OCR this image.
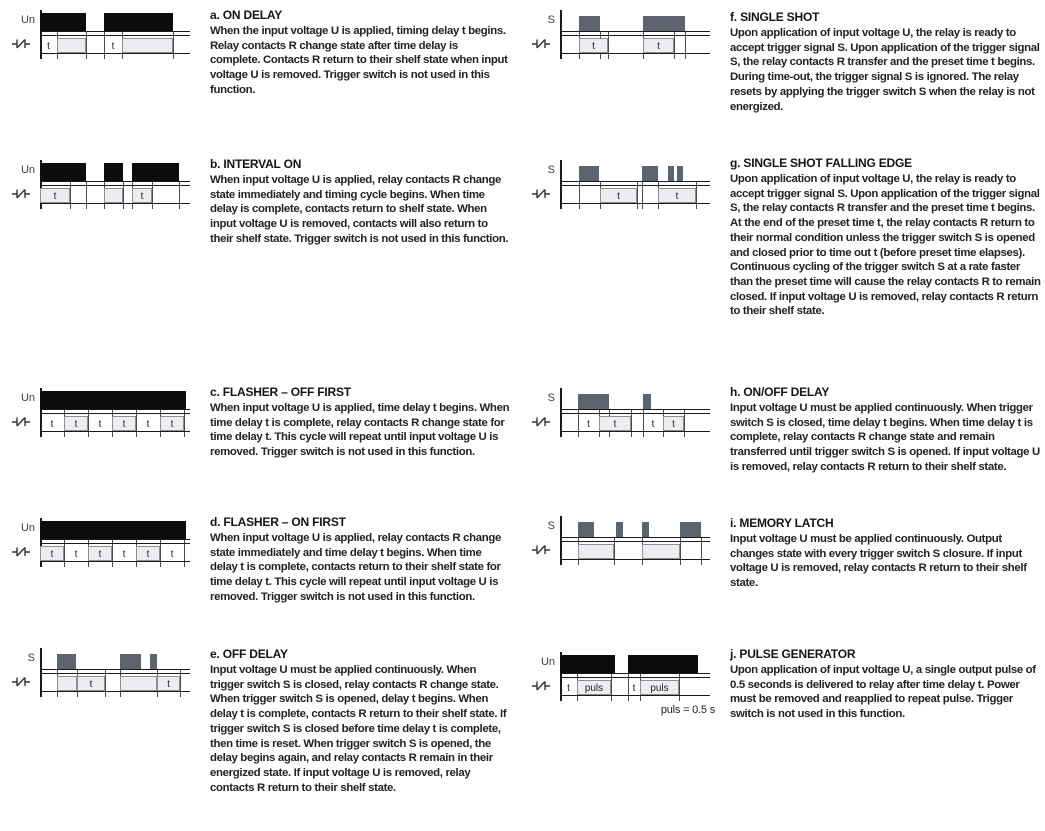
Un
t	t
a. ON DELAY
When the input voltage U is applied, timing delay t begins. Relay contacts R change state after time delay is complete. Contacts R return to their shelf state when input voltage U is removed. Trigger switch is not used in this function.
Un
t	t
b. INTERVAL ON
When input voltage U is applied, relay contacts R change state immediately and timing cycle begins. When time delay is complete, contacts return to shelf state. When input voltage U is removed, contacts will also return to their shelf state. Trigger switch is not used in this function.
Un
t	t	t	t	t	t
c. FLASHER – OFF FIRST
When input voltage U is applied, time delay t begins. When time delay t is complete, relay contacts R change state for time delay t. This cycle will repeat until input voltage U is removed. Trigger switch is not used in this function.
Un
t	t	t	t	t	t
d. FLASHER – ON FIRST
When input voltage U is applied, relay contacts R change state immediately and time delay t begins. When time delay t is complete, contacts return to their shelf state for time delay t. This cycle will repeat until input voltage U is removed. Trigger switch is not used in this function.
S
t	t
e. OFF DELAY
Input voltage U must be applied continuously. When trigger switch S is closed, relay contacts R change state. When trigger switch S is opened, delay t begins. When delay t is complete, contacts R return to their shelf state. If trigger switch S is closed before time delay t is complete, then time is reset. When trigger switch S is opened, the delay begins again, and relay contacts R remain in their energized state. If input voltage U is removed, relay contacts R return to their shelf state.
S
t	t
f. SINGLE SHOT
Upon application of input voltage U, the relay is ready to accept trigger signal S. Upon application of the trigger signal S, the relay contacts R transfer and the preset time t begins. During time-out, the trigger signal S is ignored. The relay resets by applying the trigger switch S when the relay is not energized.
S
t	t
g. SINGLE SHOT FALLING EDGE
Upon application of input voltage U, the relay is ready to accept trigger signal S. Upon application of the trigger signal S, the relay contacts R transfer and the preset time t begins. At the end of the preset time t, the relay contacts R return to their normal condition unless the trigger switch S is opened and closed prior to time out t (before preset time elapses). Continuous cycling of the trigger switch S at a rate faster than the preset time will cause the relay contacts R to remain closed. If input voltage U is removed, relay contacts R return to their shelf state.
S
t	t	t	t
h. ON/OFF DELAY
Input voltage U must be applied continuously. When trigger switch S is closed, time delay t begins. When time delay t is complete, relay contacts R change state and remain transferred until trigger switch S is opened. If input voltage U is removed, relay contacts R return to their shelf state.
S	i. MEMORY LATCH
Input voltage U must be applied continuously. Output changes state with every trigger switch S closure. If input voltage U is removed, relay contacts R return to their shelf state.
Un
t	puls	t	puls
puls = 0.5 s
j. PULSE GENERATOR
Upon application of input voltage U, a single output pulse of 0.5 seconds is delivered to relay after time delay t. Power must be removed and reapplied to repeat pulse. Trigger switch is not used in this function.
